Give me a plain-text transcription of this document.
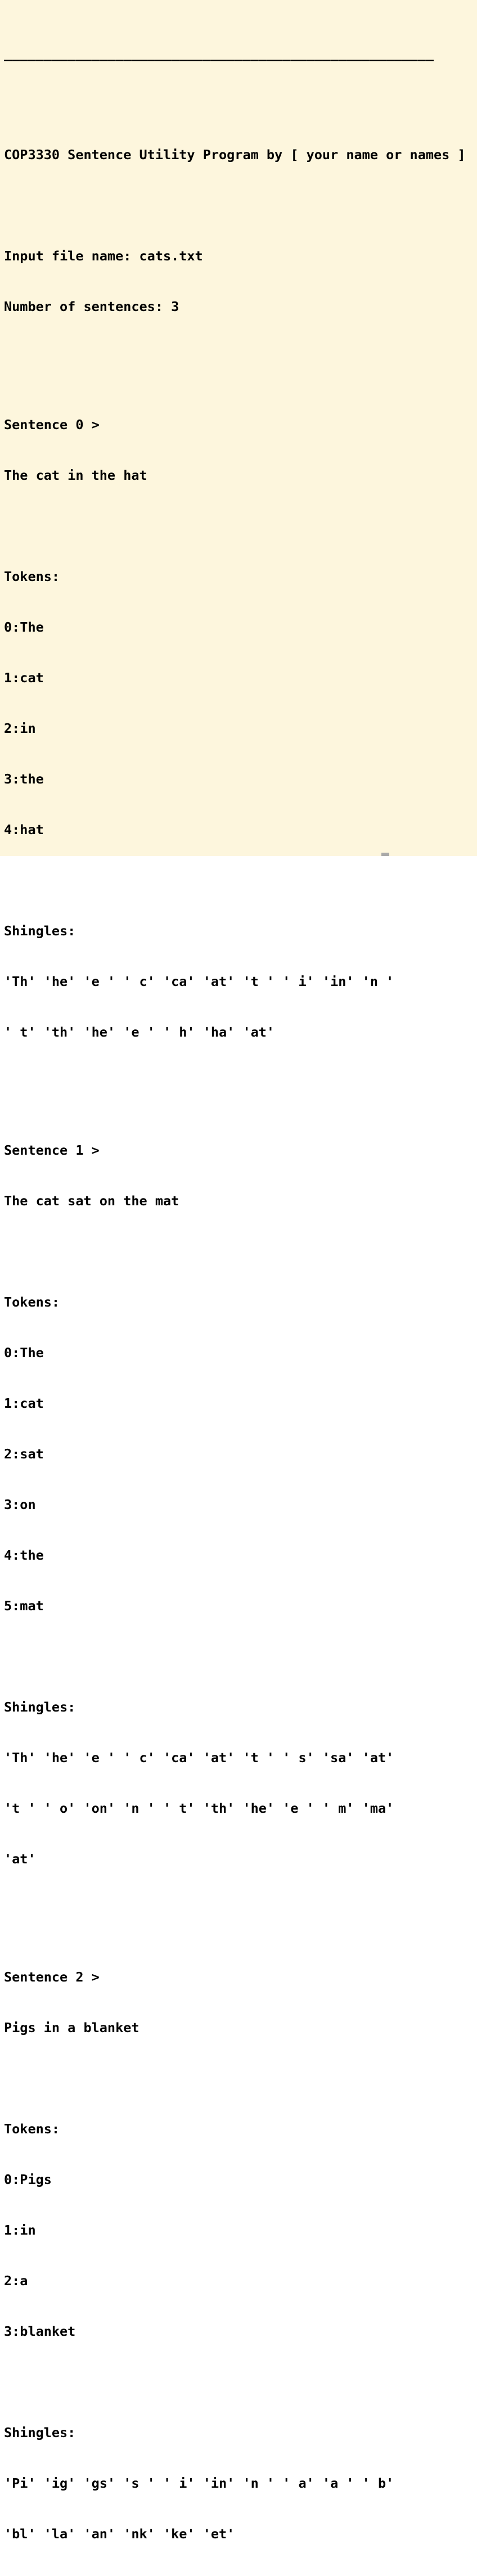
______________________________________________________

COP3330 Sentence Utility Program by [ your name or names ]

Input file name: cats.txt

Number of sentences: 3

Sentence 0 >

The cat in the hat

Tokens:

0:The

1:cat

2:in

3:the

4:hat

Shingles:

'Th' 'he' 'e ' ' c' 'ca' 'at' 't ' ' i' 'in' 'n '

' t' 'th' 'he' 'e ' ' h' 'ha' 'at'

Sentence 1 >

The cat sat on the mat

Tokens:

0:The

1:cat

2:sat

3:on

4:the

5:mat

Shingles:

'Th' 'he' 'e ' ' c' 'ca' 'at' 't ' ' s' 'sa' 'at'

't ' ' o' 'on' 'n ' ' t' 'th' 'he' 'e ' ' m' 'ma'

'at'

Sentence 2 >

Pigs in a blanket

Tokens:

0:Pigs

1:in

2:a

3:blanket

Shingles:

'Pi' 'ig' 'gs' 's ' ' i' 'in' 'n ' ' a' 'a ' ' b'

'bl' 'la' 'an' 'nk' 'ke' 'et'
